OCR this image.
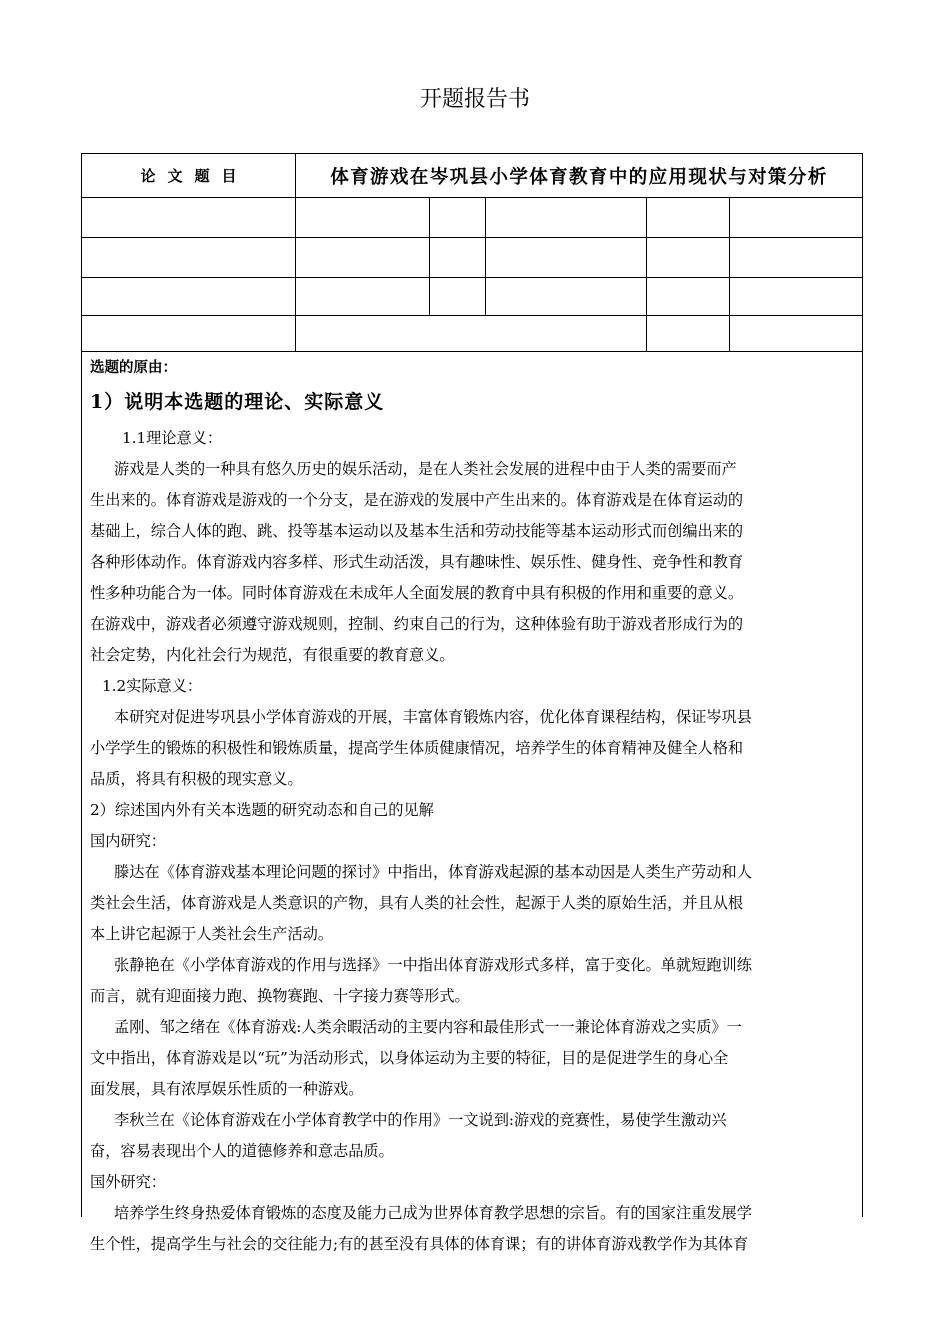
开题报告书
论文题目	体育游戏在岑巩县小学体育教育中的应用现状与对策分析
选题的原由：
1）说明本选题的理论、实际意义
1.1理论意义：
游戏是人类的一种具有悠久历史的娱乐活动，是在人类社会发展的进程中由于人类的需要而产
生出来的。体育游戏是游戏的一个分支，是在游戏的发展中产生出来的。体育游戏是在体育运动的
基础上，综合人体的跑、跳、投等基本运动以及基本生活和劳动技能等基本运动形式而创编出来的
各种形体动作。体育游戏内容多样、形式生动活泼，具有趣味性、娱乐性、健身性、竞争性和教育
性多种功能合为一体。同时体育游戏在未成年人全面发展的教育中具有积极的作用和重要的意义。
在游戏中，游戏者必须遵守游戏规则，控制、约束自己的行为，这种体验有助于游戏者形成行为的
社会定势，内化社会行为规范，有很重要的教育意义。
1.2实际意义：
本研究对促进岑巩县小学体育游戏的开展，丰富体育锻炼内容，优化体育课程结构，保证岑巩县
小学学生的锻炼的积极性和锻炼质量，提高学生体质健康情况，培养学生的体育精神及健全人格和
品质，将具有积极的现实意义。
2）综述国内外有关本选题的研究动态和自己的见解
国内研究：
滕达在《体育游戏基本理论问题的探讨》中指出，体育游戏起源的基本动因是人类生产劳动和人
类社会生活，体育游戏是人类意识的产物，具有人类的社会性，起源于人类的原始生活，并且从根
本上讲它起源于人类社会生产活动。
张静艳在《小学体育游戏的作用与选择》一中指出体育游戏形式多样，富于变化。单就短跑训练
而言，就有迎面接力跑、换物赛跑、十字接力赛等形式。
孟刚、邹之绪在《体育游戏:人类余暇活动的主要内容和最佳形式一一兼论体育游戏之实质》一
文中指出，体育游戏是以“玩”为活动形式，以身体运动为主要的特征，目的是促进学生的身心全
面发展，具有浓厚娱乐性质的一种游戏。
李秋兰在《论体育游戏在小学体育教学中的作用》一文说到:游戏的竞赛性，易使学生激动兴
奋，容易表现出个人的道德修养和意志品质。
国外研究：
培养学生终身热爱体育锻炼的态度及能力己成为世界体育教学思想的宗旨。有的国家注重发展学
生个性，提高学生与社会的交往能力;有的甚至没有具体的体育课；有的讲体育游戏教学作为其体育
